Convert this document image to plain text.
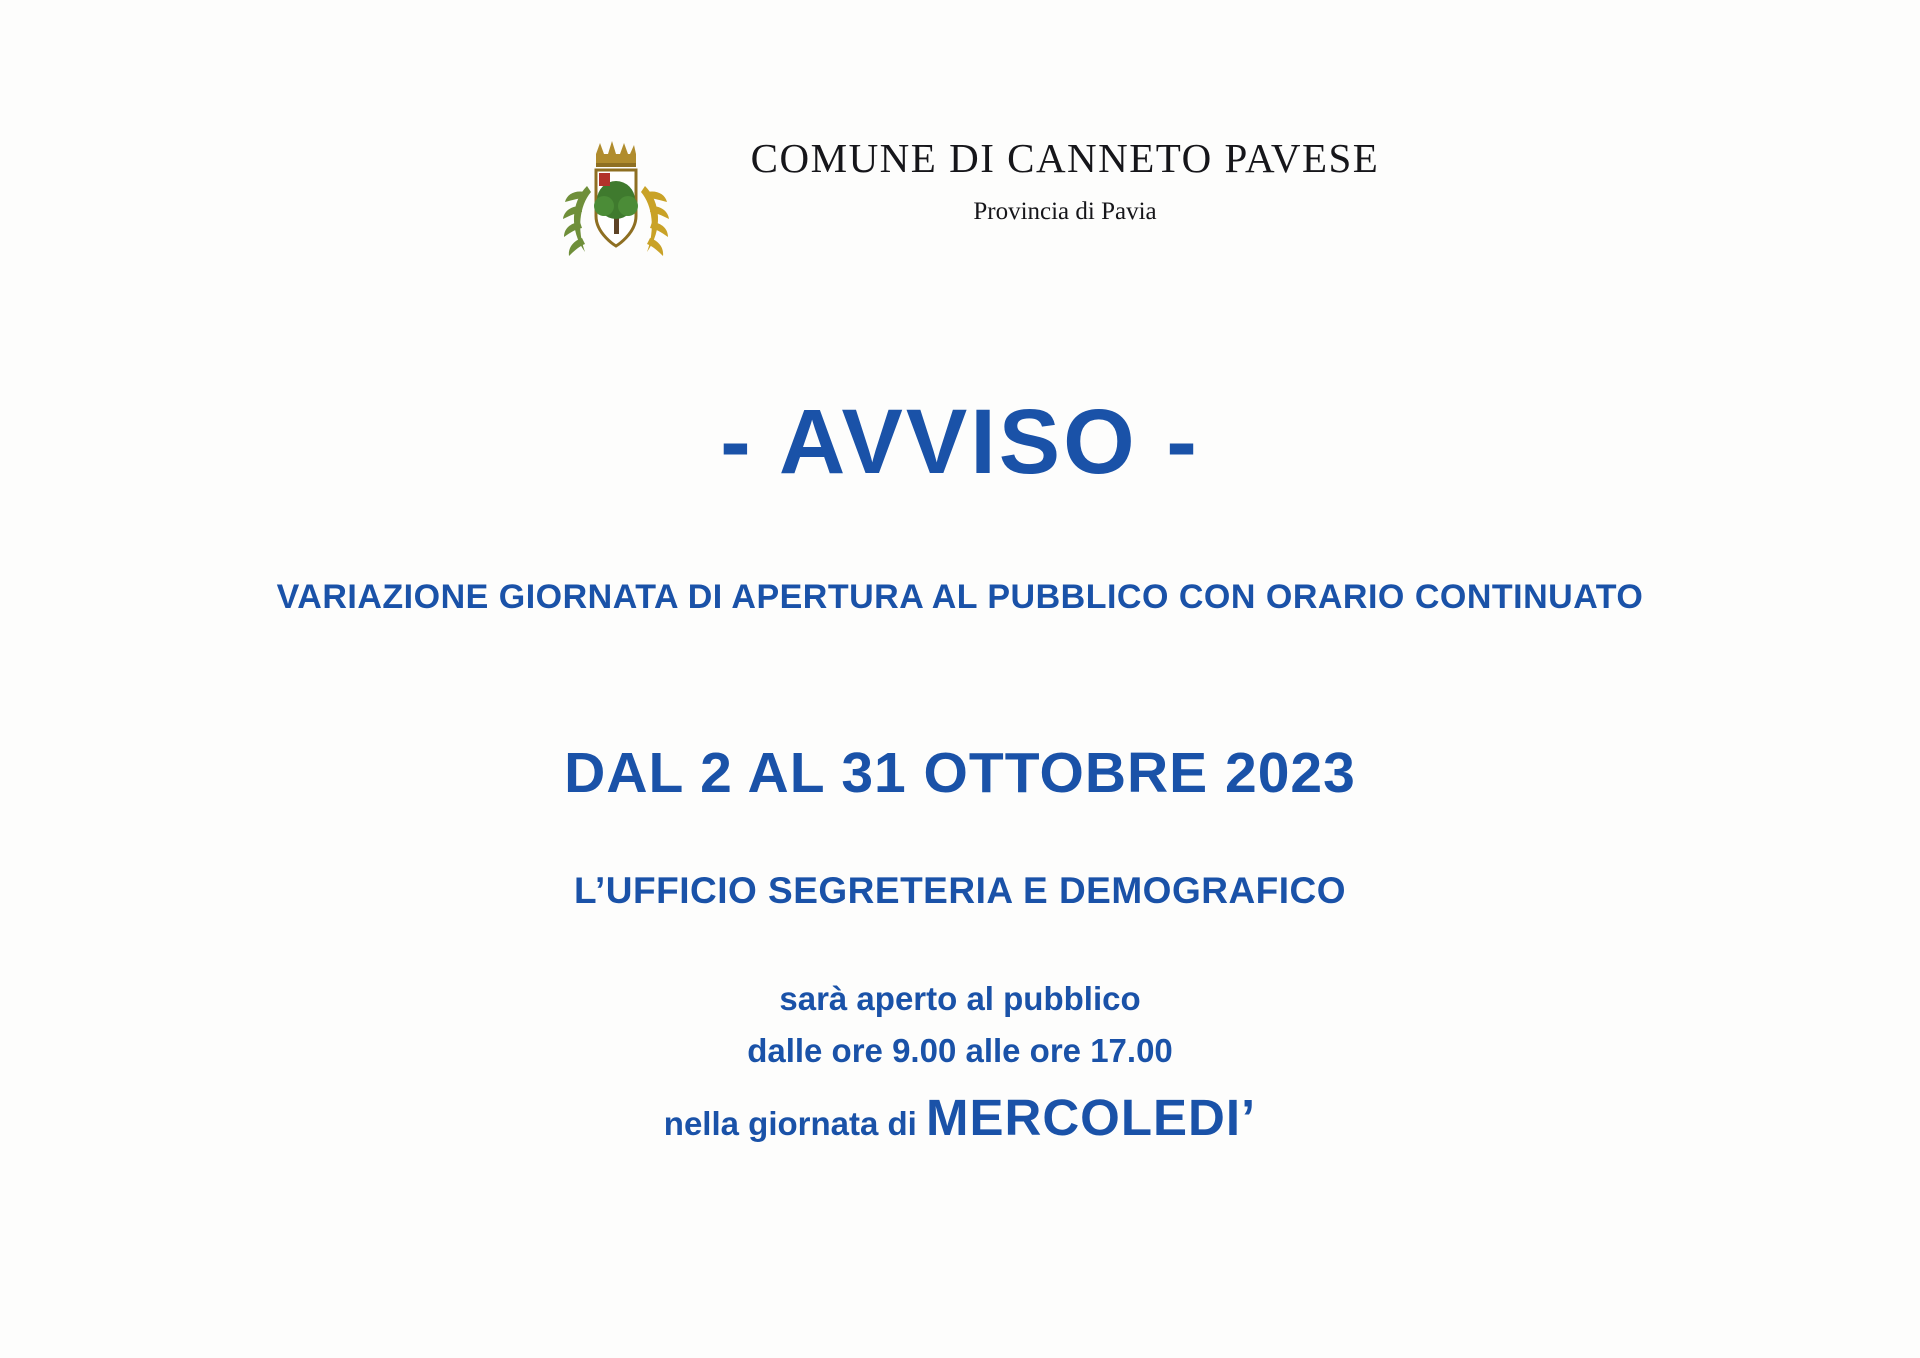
COMUNE DI CANNETO PAVESE
Provincia di Pavia
- AVVISO -
VARIAZIONE GIORNATA DI APERTURA AL PUBBLICO CON ORARIO CONTINUATO
DAL 2 AL 31 OTTOBRE 2023
L’UFFICIO SEGRETERIA E DEMOGRAFICO
sarà aperto al pubblico
dalle ore 9.00 alle ore 17.00
nella giornata di MERCOLEDI’
